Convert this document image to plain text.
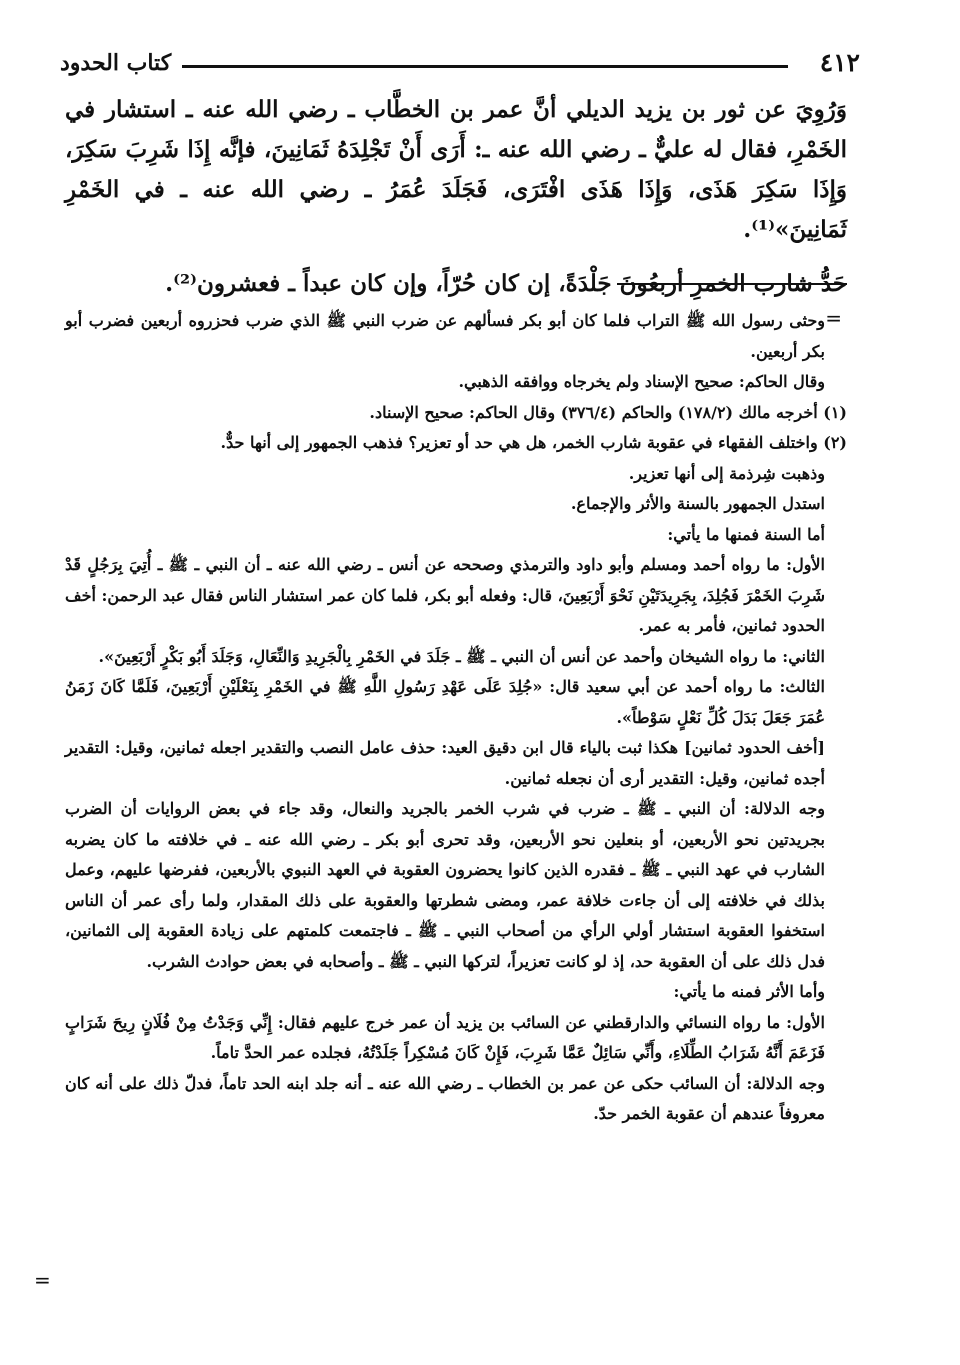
٤١٢
كتاب الحدود

وَرُوِيَ عن ثور بن يزيد الديلي أنَّ عمر بن الخطَّاب ـ رضي الله عنه ـ استشار في الخَمْرِ، فقال له عليٌّ ـ رضي الله عنه ـ: أَرَى أَنْ تَجْلِدَهُ ثَمَانِينَ، فإنَّه إِذَا شَرِبَ سَكِرَ، وَإِذَا سَكِرَ هَذَى، وَإِذَا هَذَى افْتَرَى، فَجَلَدَ عُمَرُ ـ رضي الله عنه ـ في الخَمْرِ ثَمَانِينَ»⁽¹⁾.

حَدُّ شارب الخمرِ أربعُونَ جَلْدَةً، إن كان حُرّاً، وإن كان عبداً ـ فعشرون⁽²⁾.

=

وحثى رسول الله ﷺ التراب فلما كان أبو بكر فسألهم عن ضرب النبي ﷺ الذي ضرب فحزروه أربعين فضرب أبو بكر أربعين.

وقال الحاكم: صحيح الإسناد ولم يخرجاه ووافقه الذهبي.

(١) أخرجه مالك (١٧٨/٢) والحاكم (٣٧٦/٤) وقال الحاكم: صحيح الإسناد.

(٢) واختلف الفقهاء في عقوبة شارب الخمر، هل هي حد أو تعزير؟ فذهب الجمهور إلى أنها حدٌّ.

وذهبت شِرذمة إلى أنها تعزير.

استدل الجمهور بالسنة والأثر والإجماع.

أما السنة فمنها ما يأتي:

الأول: ما رواه أحمد ومسلم وأبو داود والترمذي وصححه عن أنس ـ رضي الله عنه ـ أن النبي ـ ﷺ ـ أُتِيَ بِرَجُلٍ قَدْ شَرِبَ الخَمْرَ فَجُلِدَ، بِجَرِيدَتَيْنِ نَحْوَ أَرْبَعِينَ، قال: وفعله أبو بكر، فلما كان عمر استشار الناس فقال عبد الرحمن: أخف الحدود ثمانين، فأمر به عمر.

الثاني: ما رواه الشيخان وأحمد عن أنس أن النبي ـ ﷺ ـ جَلَدَ في الخَمْرِ بِالْجَرِيدِ وَالنِّعَالِ، وَجَلَدَ أَبُو بَكْرٍ أَرْبَعِينَ».

الثالث: ما رواه أحمد عن أبي سعيد قال: «جُلِدَ عَلَى عَهْدِ رَسُولِ اللَّهِ ﷺ في الخَمْرِ بِنَعْلَيْنِ أَرْبَعِينَ، فَلَمَّا كَانَ زَمَنُ عُمَرَ جَعَلَ بَدَلَ كُلِّ نَعْلٍ سَوْطاً».

[أخف الحدود ثمانين] هكذا ثبت بالياء قال ابن دقيق العيد: حذف عامل النصب والتقدير اجعله ثمانين، وقيل: التقدير أجده ثمانين، وقيل: التقدير أرى أن نجعله ثمانين.

وجه الدلالة: أن النبي ـ ﷺ ـ ضرب في شرب الخمر بالجريد والنعال، وقد جاء في بعض الروايات أن الضرب بجريدتين نحو الأربعين، أو بنعلين نحو الأربعين، وقد تحرى أبو بكر ـ رضي الله عنه ـ في خلافته ما كان يضربه الشارب في عهد النبي ـ ﷺ ـ فقدره الذين كانوا يحضرون العقوبة في العهد النبوي بالأربعين، ففرضها عليهم، وعمل بذلك في خلافته إلى أن جاءت خلافة عمر، ومضى شطرتها والعقوبة على ذلك المقدار، ولما رأى عمر أن الناس استخفوا العقوبة استشار أولي الرأي من أصحاب النبي ـ ﷺ ـ فاجتمعت كلمتهم على زيادة العقوبة إلى الثمانين، فدل ذلك على أن العقوبة حد، إذ لو كانت تعزيراً، لتركها النبي ـ ﷺ ـ وأصحابه في بعض حوادث الشرب.

وأما الأثر فمنه ما يأتي:

الأول: ما رواه النسائي والدارقطني عن السائب بن يزيد أن عمر خرج عليهم فقال: إِنِّي وَجَدْتُ مِنْ فُلَانٍ رِيحَ شَرَابٍ فَزَعَمَ أَنَّهُ شَرَابُ الطِّلَاءِ، وأَنِّي سَائِلٌ عَمَّا شَرِبَ، فَإِنْ كَانَ مُسْكِراً جَلَدْتُهُ، فجلده عمر الحدَّ تاماً.

وجه الدلالة: أن السائب حكى عن عمر بن الخطاب ـ رضي الله عنه ـ أنه جلد ابنه الحد تاماً، فدلّ ذلك على أنه كان معروفاً عندهم أن عقوبة الخمر حدّ.

=
